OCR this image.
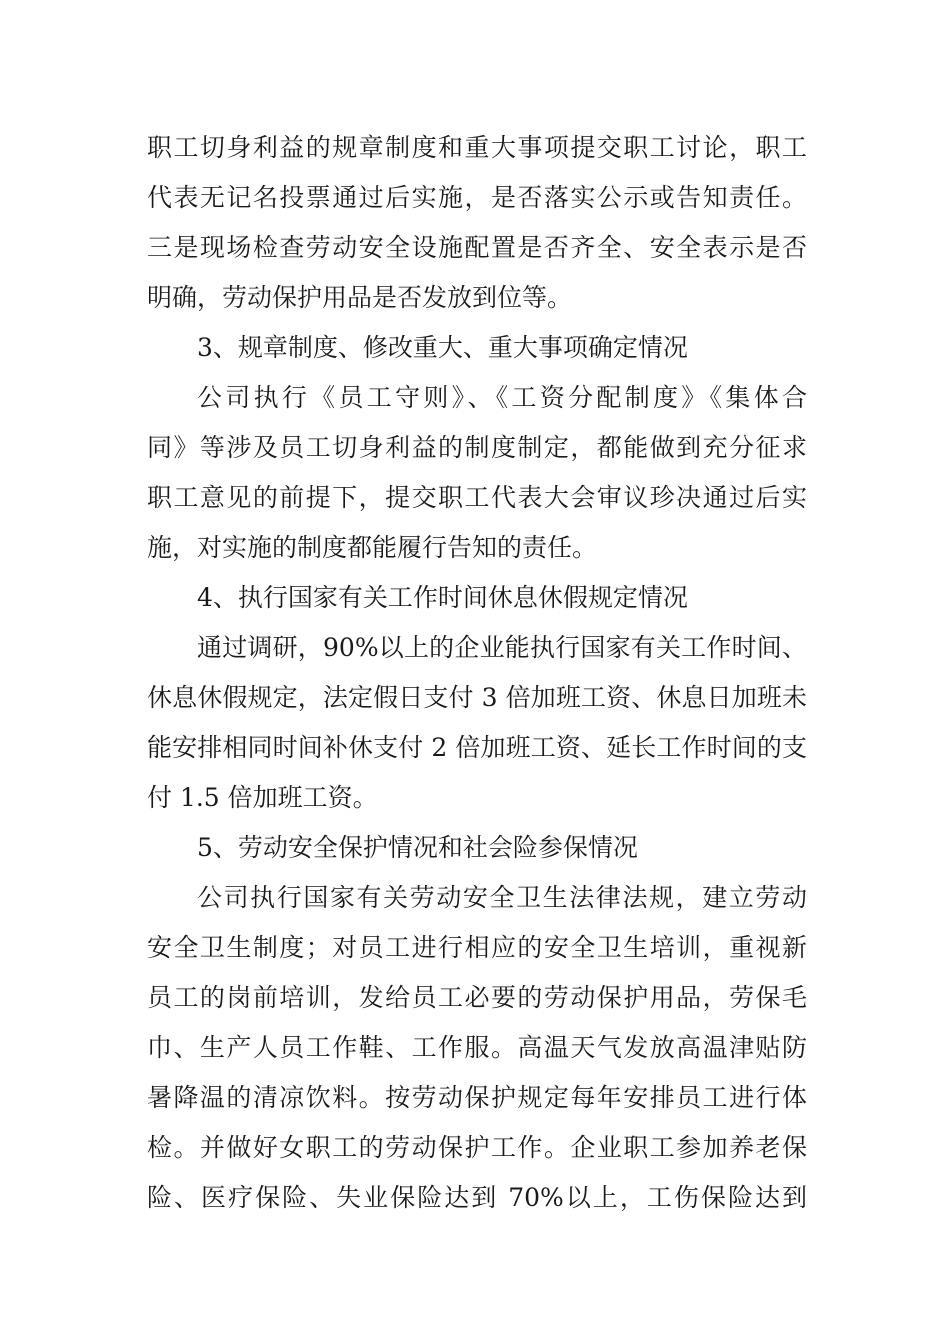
职工切身利益的规章制度和重大事项提交职工讨论，职工
代表无记名投票通过后实施，是否落实公示或告知责任。
三是现场检查劳动安全设施配置是否齐全、安全表示是否
明确，劳动保护用品是否发放到位等。
3、规章制度、修改重大、重大事项确定情况
公司执行《员工守则》、《工资分配制度》《集体合
同》等涉及员工切身利益的制度制定，都能做到充分征求
职工意见的前提下，提交职工代表大会审议珍决通过后实
施，对实施的制度都能履行告知的责任。
4、执行国家有关工作时间休息休假规定情况
通过调研，90%以上的企业能执行国家有关工作时间、
休息休假规定，法定假日支付 3 倍加班工资、休息日加班未
能安排相同时间补休支付 2 倍加班工资、延长工作时间的支
付 1.5 倍加班工资。
5、劳动安全保护情况和社会险参保情况
公司执行国家有关劳动安全卫生法律法规，建立劳动
安全卫生制度；对员工进行相应的安全卫生培训，重视新
员工的岗前培训，发给员工必要的劳动保护用品，劳保毛
巾、生产人员工作鞋、工作服。高温天气发放高温津贴防
暑降温的清凉饮料。按劳动保护规定每年安排员工进行体
检。并做好女职工的劳动保护工作。企业职工参加养老保
险、医疗保险、失业保险达到 70%以上，工伤保险达到
